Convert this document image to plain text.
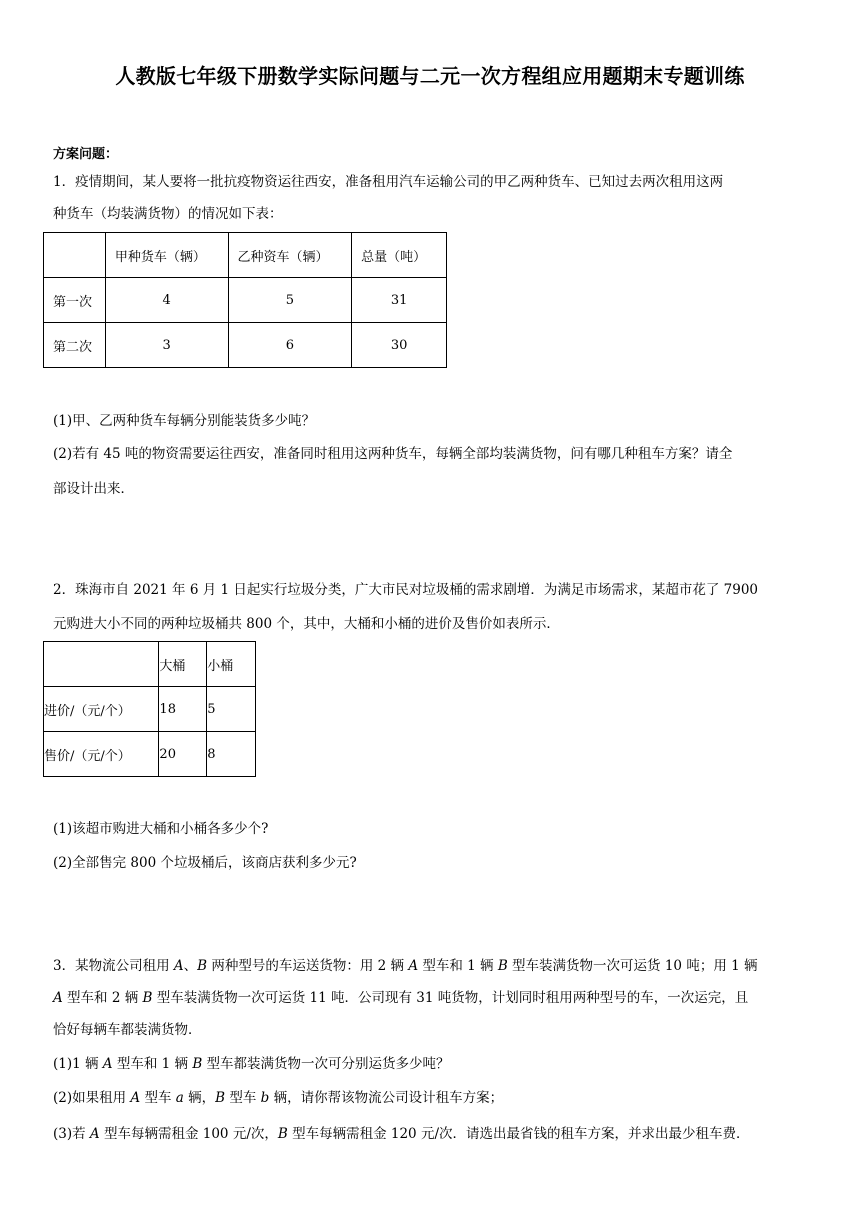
人教版七年级下册数学实际问题与二元一次方程组应用题期末专题训练
方案问题：
1．疫情期间，某人要将一批抗疫物资运往西安，准备租用汽车运输公司的甲乙两种货车、已知过去两次租用这两
种货车（均装满货物）的情况如下表：
	甲种货车（辆）	乙种资车（辆）	总量（吨）
第一次	4	5	31
第二次	3	6	30
(1)甲、乙两种货车每辆分别能装货多少吨？
(2)若有 45 吨的物资需要运往西安，准备同时租用这两种货车，每辆全部均装满货物，问有哪几种租车方案？请全
部设计出来．
2．珠海市自 2021 年 6 月 1 日起实行垃圾分类，广大市民对垃圾桶的需求剧增．为满足市场需求，某超市花了 7900
元购进大小不同的两种垃圾桶共 800 个，其中，大桶和小桶的进价及售价如表所示．
	大桶	小桶
进价/（元/个）	18	5
售价/（元/个）	20	8
(1)该超市购进大桶和小桶各多少个?
(2)全部售完 800 个垃圾桶后，该商店获利多少元?
3．某物流公司租用 A、B 两种型号的车运送货物：用 2 辆 A 型车和 1 辆 B 型车装满货物一次可运货 10 吨；用 1 辆
A 型车和 2 辆 B 型车装满货物一次可运货 11 吨．公司现有 31 吨货物，计划同时租用两种型号的车，一次运完，且
恰好每辆车都装满货物．
(1)1 辆 A 型车和 1 辆 B 型车都装满货物一次可分别运货多少吨？
(2)如果租用 A 型车 a 辆，B 型车 b 辆，请你帮该物流公司设计租车方案；
(3)若 A 型车每辆需租金 100 元/次，B 型车每辆需租金 120 元/次．请选出最省钱的租车方案，并求出最少租车费．
